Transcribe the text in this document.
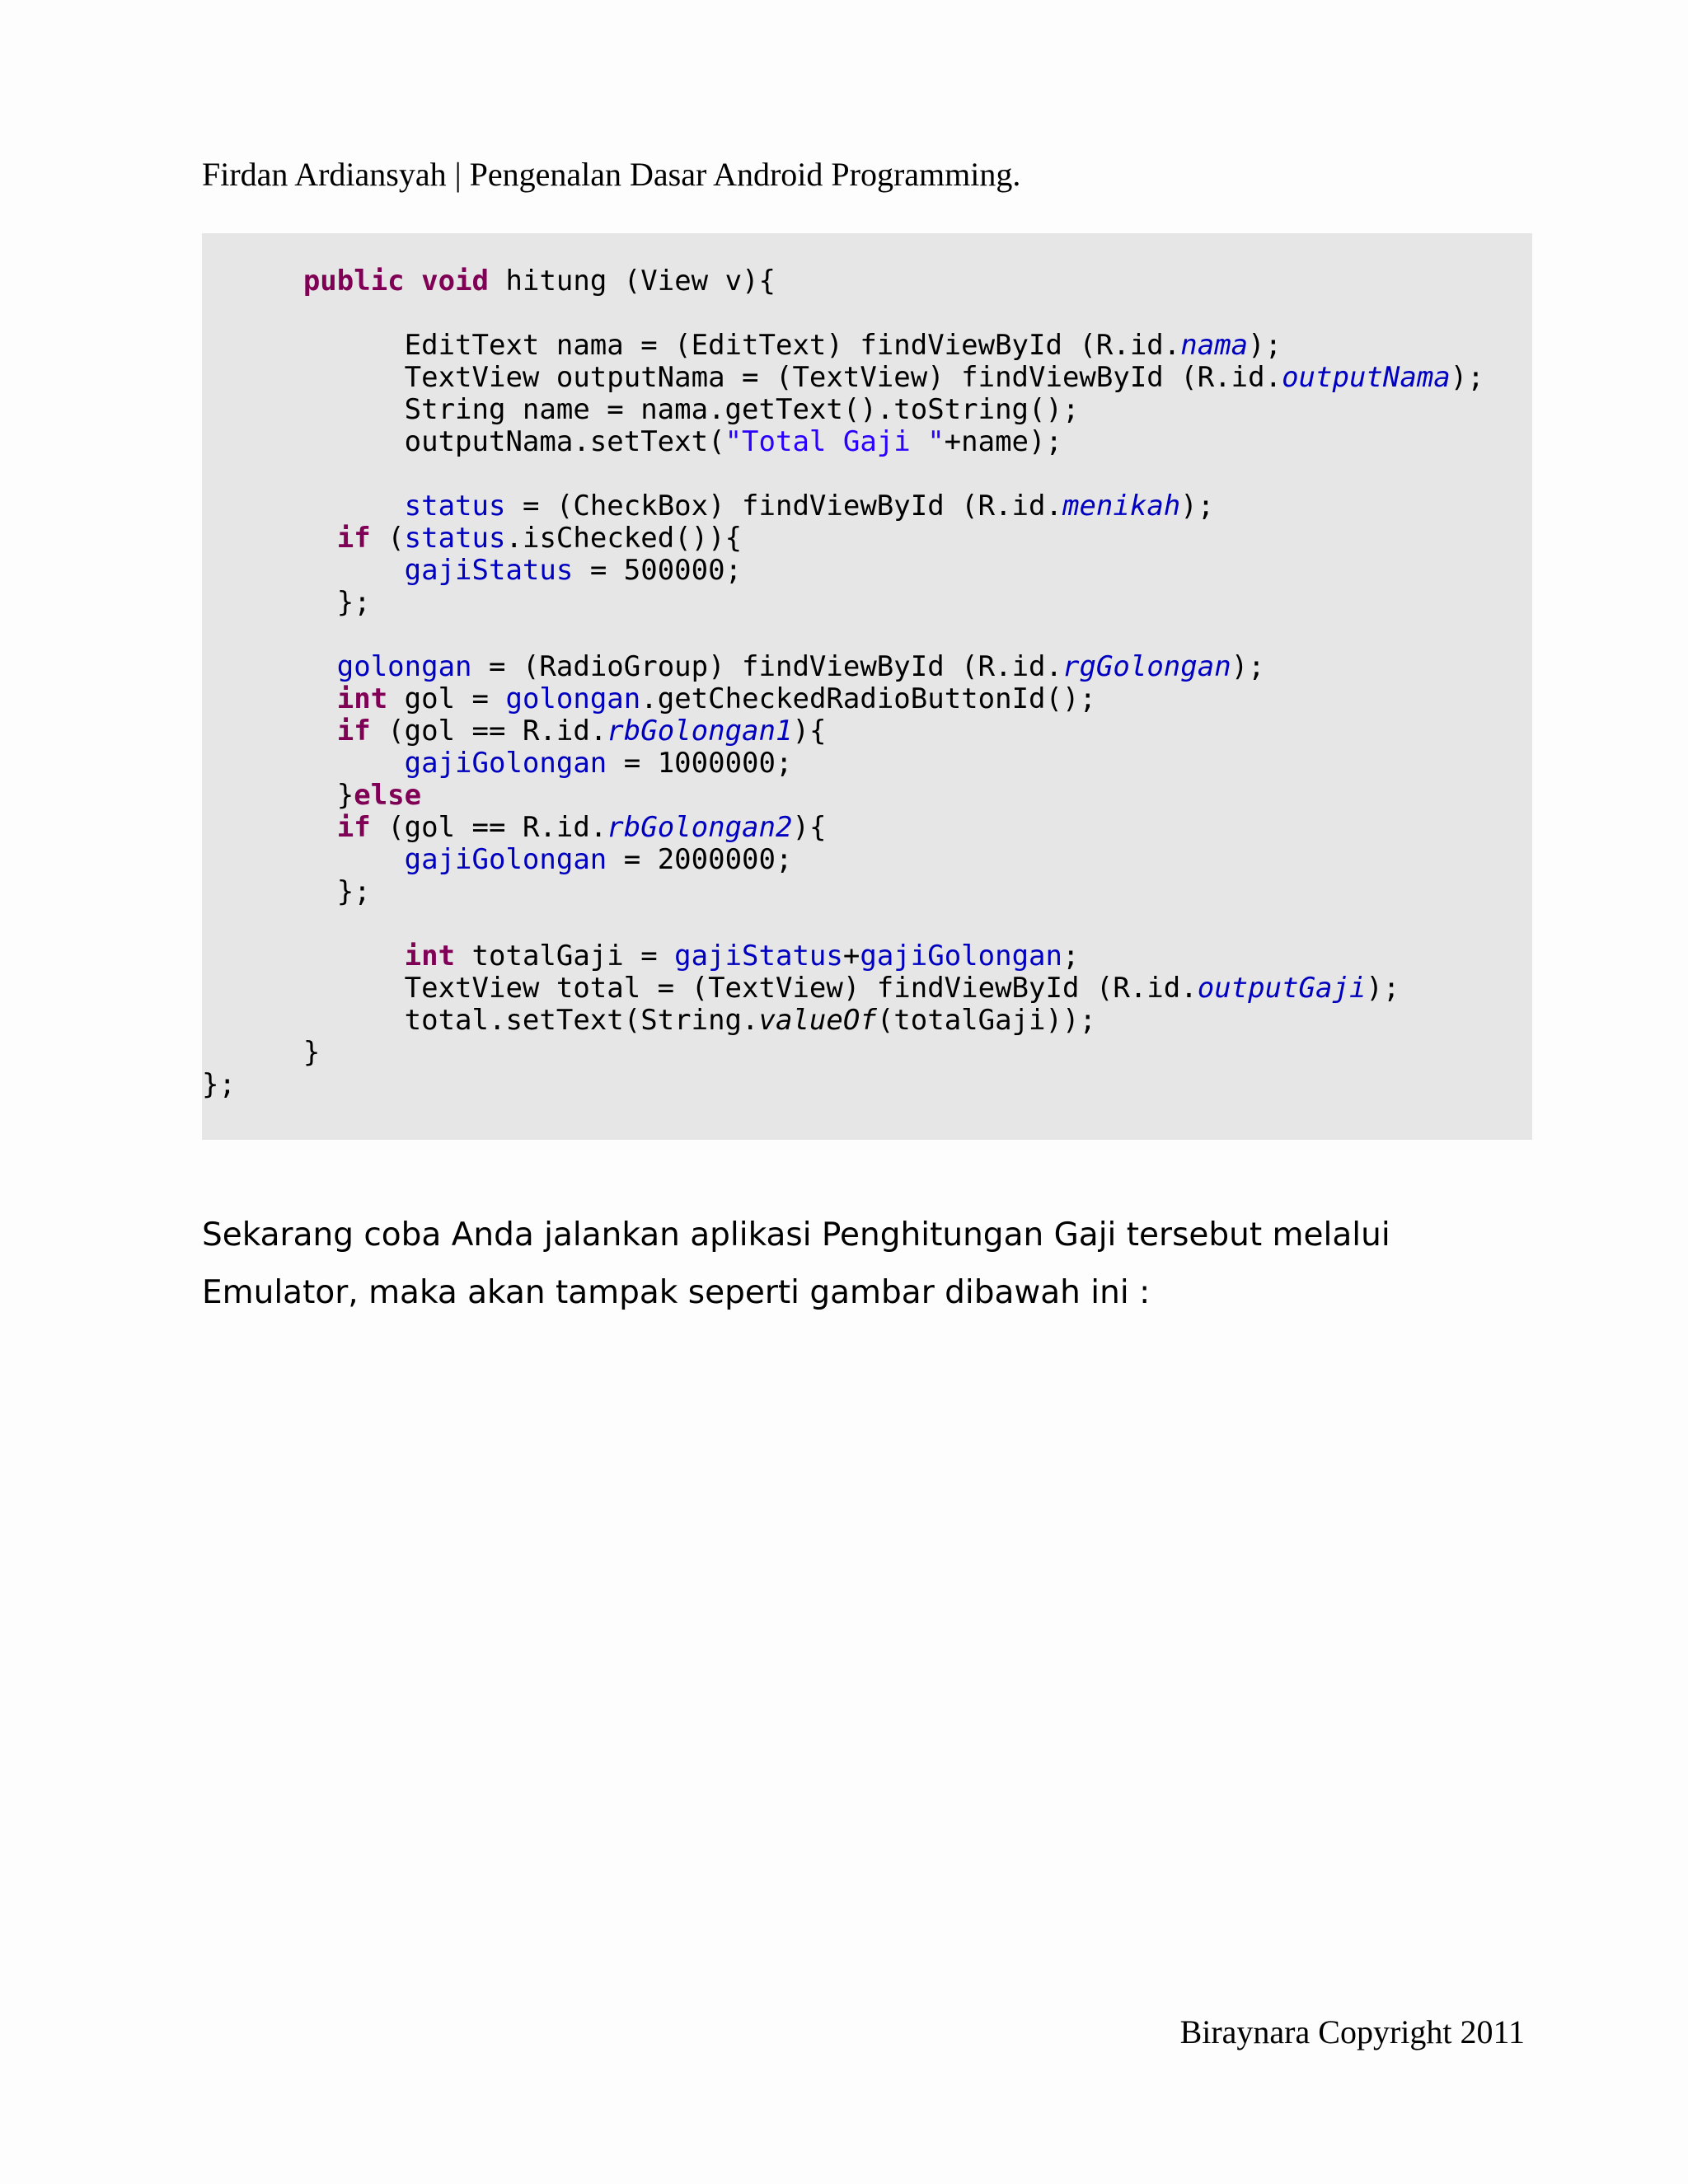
Firdan Ardiansyah | Pengenalan Dasar Android Programming.
public void hitung (View v){
EditText nama = (EditText) findViewById (R.id.nama);
TextView outputNama = (TextView) findViewById (R.id.outputNama);
String name = nama.getText().toString();
outputNama.setText("Total Gaji "+name);
status = (CheckBox) findViewById (R.id.menikah);
if (status.isChecked()){
gajiStatus = 500000;
};
golongan = (RadioGroup) findViewById (R.id.rgGolongan);
int gol = golongan.getCheckedRadioButtonId();
if (gol == R.id.rbGolongan1){
gajiGolongan = 1000000;
}else
if (gol == R.id.rbGolongan2){
gajiGolongan = 2000000;
};
int totalGaji = gajiStatus+gajiGolongan;
TextView total = (TextView) findViewById (R.id.outputGaji);
total.setText(String.valueOf(totalGaji));
}
};
Sekarang coba Anda jalankan aplikasi Penghitungan Gaji tersebut melalui Emulator, maka akan tampak seperti gambar dibawah ini :
Biraynara Copyright 2011
